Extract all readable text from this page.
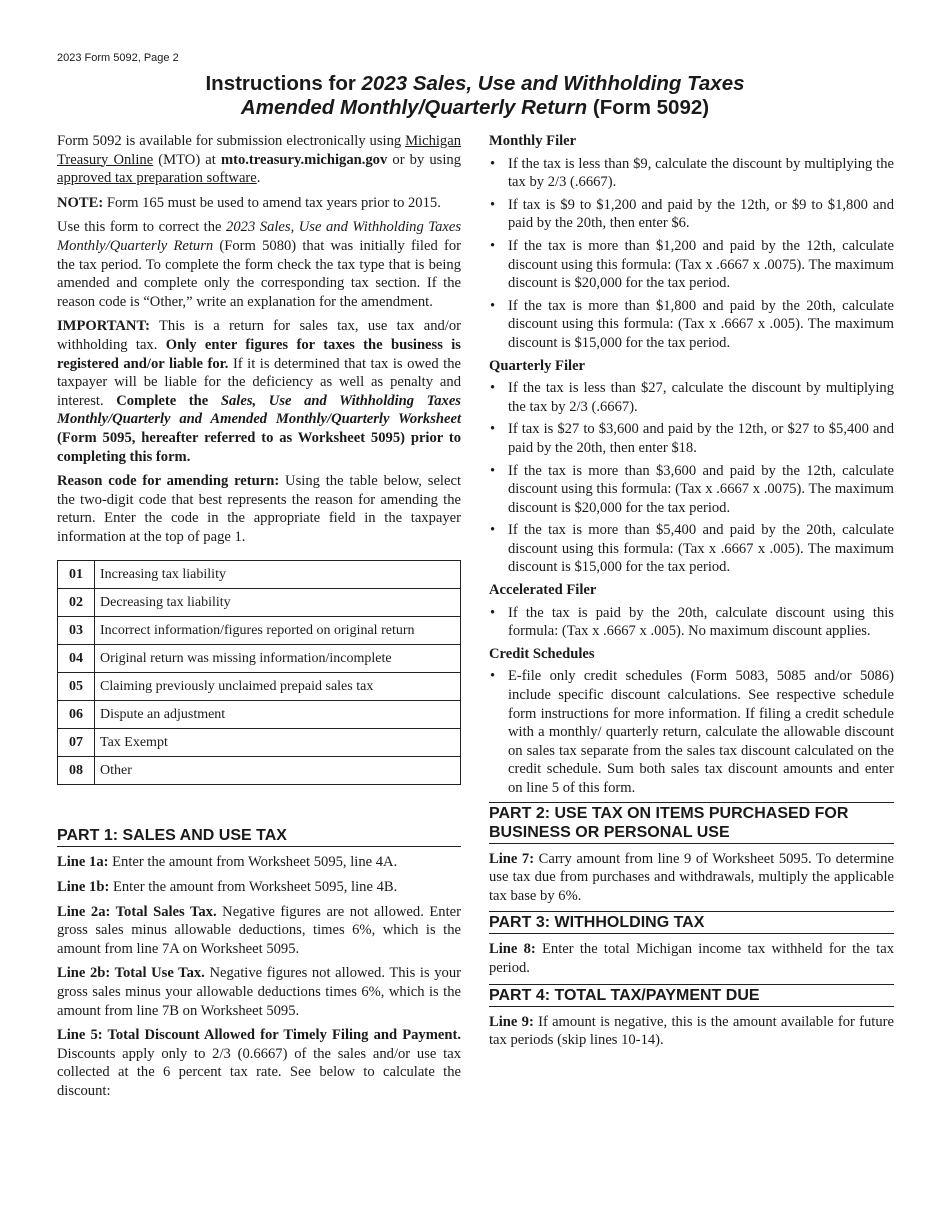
2023 Form 5092, Page 2
Instructions for 2023 Sales, Use and Withholding Taxes
Amended Monthly/Quarterly Return (Form 5092)

Form 5092 is available for submission electronically using Michigan Treasury Online (MTO) at mto.treasury.michigan.gov or by using approved tax preparation software.

NOTE: Form 165 must be used to amend tax years prior to 2015.

Use this form to correct the 2023 Sales, Use and Withholding Taxes Monthly/Quarterly Return (Form 5080) that was initially filed for the tax period. To complete the form check the tax type that is being amended and complete only the corresponding tax section. If the reason code is “Other,” write an explanation for the amendment.

IMPORTANT: This is a return for sales tax, use tax and/or withholding tax. Only enter figures for taxes the business is registered and/or liable for. If it is determined that tax is owed the taxpayer will be liable for the deficiency as well as penalty and interest. Complete the Sales, Use and Withholding Taxes Monthly/Quarterly and Amended Monthly/Quarterly Worksheet (Form 5095, hereafter referred to as Worksheet 5095) prior to completing this form.

Reason code for amending return: Using the table below, select the two-digit code that best represents the reason for amending the return. Enter the code in the appropriate field in the taxpayer information at the top of page 1.

01	Increasing tax liability
02	Decreasing tax liability
03	Incorrect information/figures reported on original return
04	Original return was missing information/incomplete
05	Claiming previously unclaimed prepaid sales tax
06	Dispute an adjustment
07	Tax Exempt
08	Other
PART 1: SALES AND USE TAX

Line 1a: Enter the amount from Worksheet 5095, line 4A.

Line 1b: Enter the amount from Worksheet 5095, line 4B.

Line 2a: Total Sales Tax. Negative figures are not allowed. Enter gross sales minus allowable deductions, times 6%, which is the amount from line 7A on Worksheet 5095.

Line 2b: Total Use Tax. Negative figures not allowed. This is your gross sales minus your allowable deductions times 6%, which is the amount from line 7B on Worksheet 5095.

Line 5: Total Discount Allowed for Timely Filing and Payment. Discounts apply only to 2/3 (0.6667) of the sales and/or use tax collected at the 6 percent tax rate. See below to calculate the discount:

Monthly Filer
• If the tax is less than $9, calculate the discount by multiplying the tax by 2/3 (.6667).
• If tax is $9 to $1,200 and paid by the 12th, or $9 to $1,800 and paid by the 20th, then enter $6.
• If the tax is more than $1,200 and paid by the 12th, calculate discount using this formula: (Tax x .6667 x .0075). The maximum discount is $20,000 for the tax period.
• If the tax is more than $1,800 and paid by the 20th, calculate discount using this formula: (Tax x .6667 x .005). The maximum discount is $15,000 for the tax period.
Quarterly Filer
• If the tax is less than $27, calculate the discount by multiplying the tax by 2/3 (.6667).
• If tax is $27 to $3,600 and paid by the 12th, or $27 to $5,400 and paid by the 20th, then enter $18.
• If the tax is more than $3,600 and paid by the 12th, calculate discount using this formula: (Tax x .6667 x .0075). The maximum discount is $20,000 for the tax period.
• If the tax is more than $5,400 and paid by the 20th, calculate discount using this formula: (Tax x .6667 x .005). The maximum discount is $15,000 for the tax period.
Accelerated Filer
• If the tax is paid by the 20th, calculate discount using this formula: (Tax x .6667 x .005). No maximum discount applies.
Credit Schedules
• E-file only credit schedules (Form 5083, 5085 and/or 5086) include specific discount calculations. See respective schedule form instructions for more information. If filing a credit schedule with a monthly/ quarterly return, calculate the allowable discount on sales tax separate from the sales tax discount calculated on the credit schedule. Sum both sales tax discount amounts and enter on line 5 of this form.
PART 2: USE TAX ON ITEMS PURCHASED FOR BUSINESS OR PERSONAL USE

Line 7: Carry amount from line 9 of Worksheet 5095. To determine use tax due from purchases and withdrawals, multiply the applicable tax base by 6%.

PART 3: WITHHOLDING TAX

Line 8: Enter the total Michigan income tax withheld for the tax period.

PART 4: TOTAL TAX/PAYMENT DUE

Line 9: If amount is negative, this is the amount available for future tax periods (skip lines 10-14).
